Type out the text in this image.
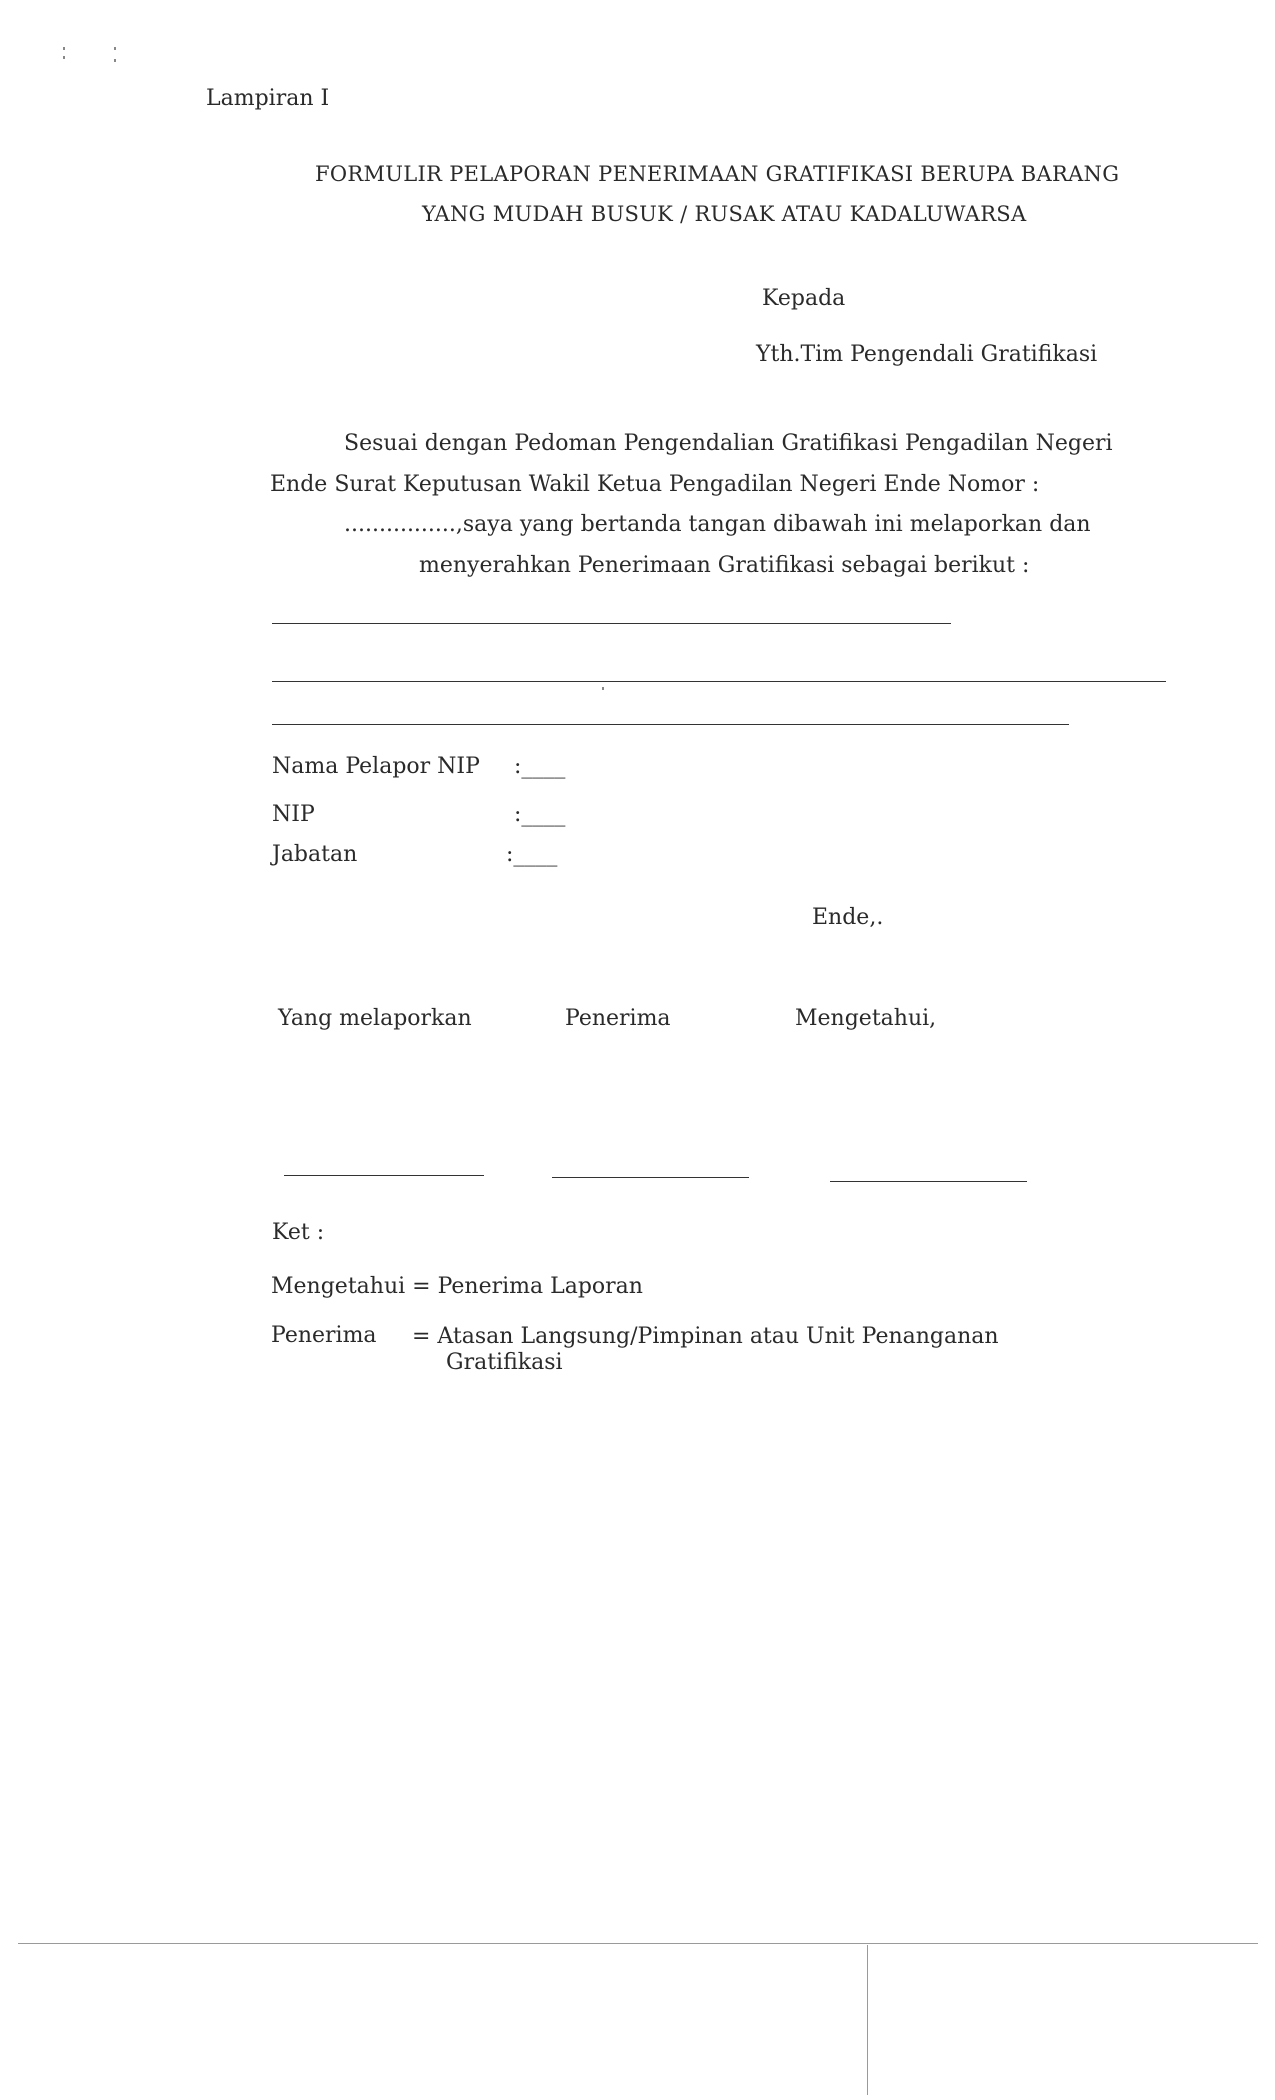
Lampiran I
FORMULIR PELAPORAN PENERIMAAN GRATIFIKASI BERUPA BARANG
YANG MUDAH BUSUK / RUSAK ATAU KADALUWARSA
Kepada
Yth.Tim Pengendali Gratifikasi
Sesuai dengan Pedoman Pengendalian Gratifikasi Pengadilan Negeri
Ende Surat Keputusan Wakil Ketua Pengadilan Negeri Ende Nomor :
................,saya yang bertanda tangan dibawah ini melaporkan dan
menyerahkan Penerimaan Gratifikasi sebagai berikut :
Nama Pelapor NIP :____
NIP	:____
Jabatan	:____
Ende,.
Yang melaporkan	Penerima	Mengetahui,
Ket :
Mengetahui = Penerima Laporan
Penerima = Atasan Langsung/Pimpinan atau Unit Penanganan
Gratifikasi
